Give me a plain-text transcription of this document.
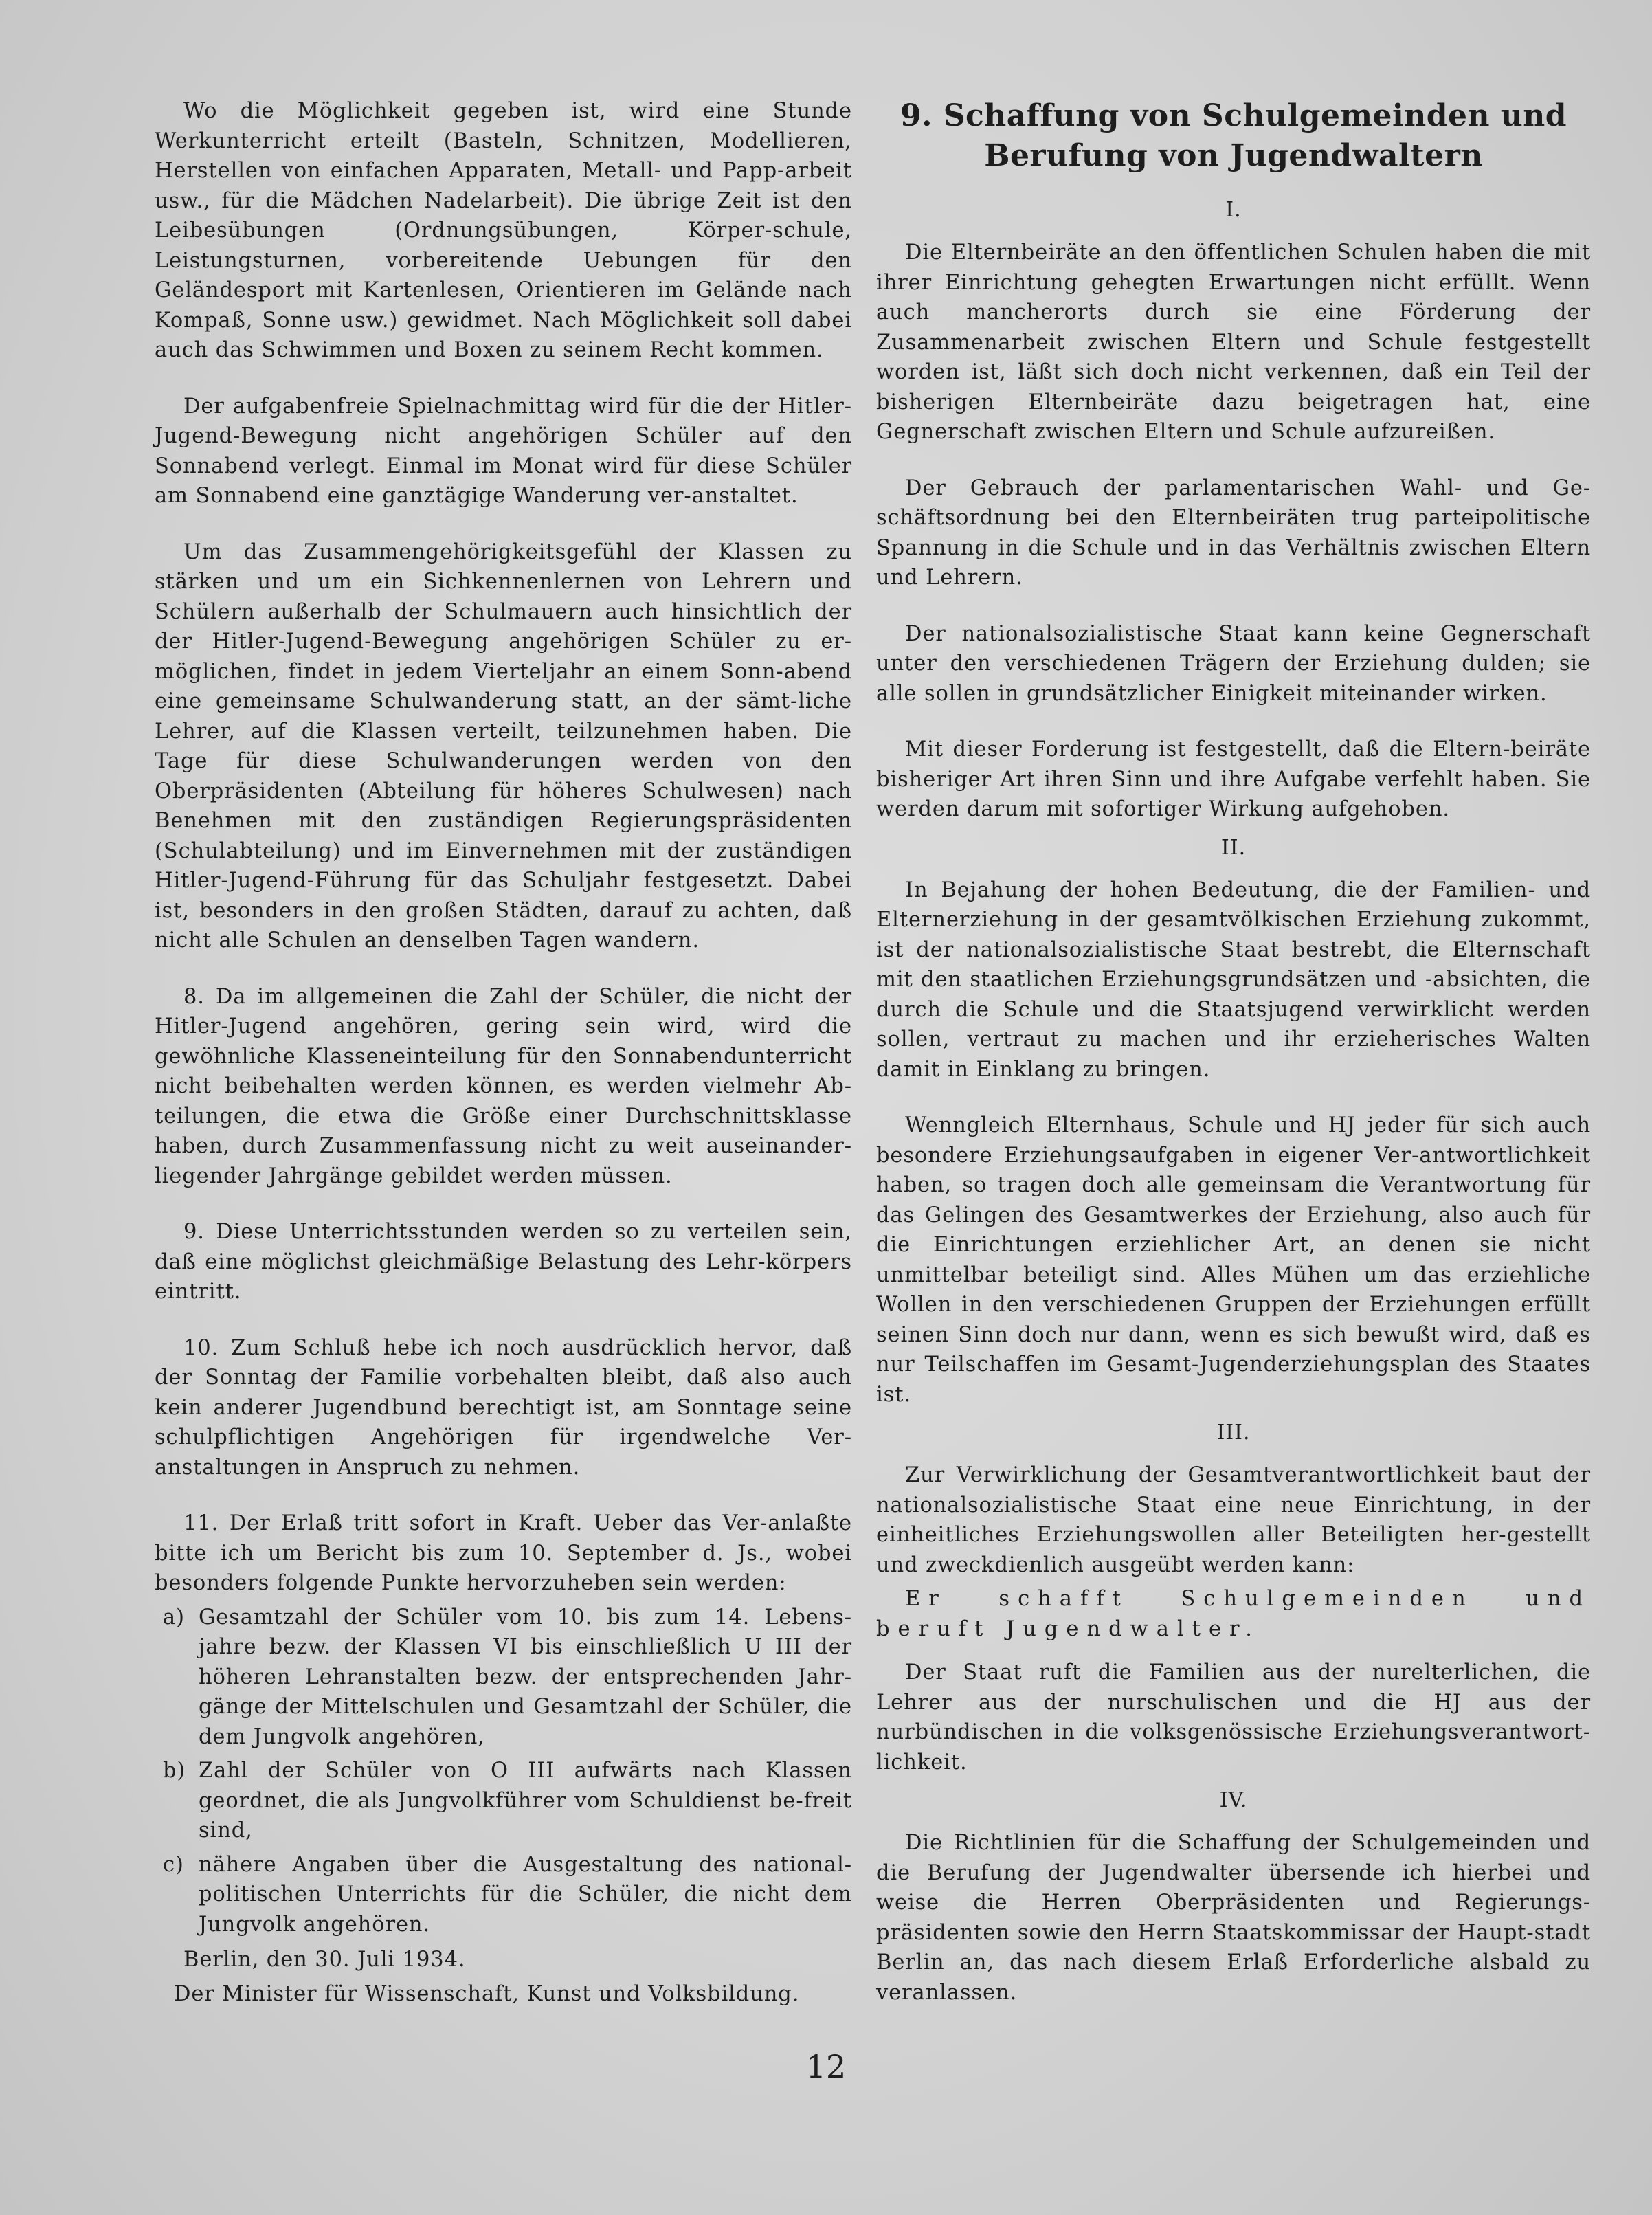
Wo die Möglichkeit gegeben ist, wird eine Stunde Werkunterricht erteilt (Basteln, Schnitzen, Modellieren, Herstellen von einfachen Apparaten, Metall- und Papp-arbeit usw., für die Mädchen Nadelarbeit). Die übrige Zeit ist den Leibesübungen (Ordnungsübungen, Körper-schule, Leistungsturnen, vorbereitende Uebungen für den Geländesport mit Kartenlesen, Orientieren im Gelände nach Kompaß, Sonne usw.) gewidmet. Nach Möglichkeit soll dabei auch das Schwimmen und Boxen zu seinem Recht kommen.

Der aufgabenfreie Spielnachmittag wird für die der Hitler-Jugend-Bewegung nicht angehörigen Schüler auf den Sonnabend verlegt. Einmal im Monat wird für diese Schüler am Sonnabend eine ganztägige Wanderung ver-anstaltet.

Um das Zusammengehörigkeitsgefühl der Klassen zu stärken und um ein Sichkennenlernen von Lehrern und Schülern außerhalb der Schulmauern auch hinsichtlich der der Hitler-Jugend-Bewegung angehörigen Schüler zu er-möglichen, findet in jedem Vierteljahr an einem Sonn-abend eine gemeinsame Schulwanderung statt, an der sämt-liche Lehrer, auf die Klassen verteilt, teilzunehmen haben. Die Tage für diese Schulwanderungen werden von den Oberpräsidenten (Abteilung für höheres Schulwesen) nach Benehmen mit den zuständigen Regierungspräsidenten (Schulabteilung) und im Einvernehmen mit der zuständigen Hitler-Jugend-Führung für das Schuljahr festgesetzt. Dabei ist, besonders in den großen Städten, darauf zu achten, daß nicht alle Schulen an denselben Tagen wandern.

8. Da im allgemeinen die Zahl der Schüler, die nicht der Hitler-Jugend angehören, gering sein wird, wird die gewöhnliche Klasseneinteilung für den Sonnabendunterricht nicht beibehalten werden können, es werden vielmehr Ab-teilungen, die etwa die Größe einer Durchschnittsklasse haben, durch Zusammenfassung nicht zu weit auseinander-liegender Jahrgänge gebildet werden müssen.

9. Diese Unterrichtsstunden werden so zu verteilen sein, daß eine möglichst gleichmäßige Belastung des Lehr-körpers eintritt.

10. Zum Schluß hebe ich noch ausdrücklich hervor, daß der Sonntag der Familie vorbehalten bleibt, daß also auch kein anderer Jugendbund berechtigt ist, am Sonntage seine schulpflichtigen Angehörigen für irgendwelche Ver-anstaltungen in Anspruch zu nehmen.

11. Der Erlaß tritt sofort in Kraft. Ueber das Ver-anlaßte bitte ich um Bericht bis zum 10. September d. Js., wobei besonders folgende Punkte hervorzuheben sein werden:

a) Gesamtzahl der Schüler vom 10. bis zum 14. Lebens-jahre bezw. der Klassen VI bis einschließlich U III der höheren Lehranstalten bezw. der entsprechenden Jahr-gänge der Mittelschulen und Gesamtzahl der Schüler, die dem Jungvolk angehören,
b) Zahl der Schüler von O III aufwärts nach Klassen geordnet, die als Jungvolkführer vom Schuldienst be-freit sind,
c) nähere Angaben über die Ausgestaltung des national-politischen Unterrichts für die Schüler, die nicht dem Jungvolk angehören.

Berlin, den 30. Juli 1934.

Der Minister für Wissenschaft, Kunst und Volksbildung.

9. Schaffung von Schulgemeinden und Berufung von Jugendwaltern
I.

Die Elternbeiräte an den öffentlichen Schulen haben die mit ihrer Einrichtung gehegten Erwartungen nicht erfüllt. Wenn auch mancherorts durch sie eine Förderung der Zusammenarbeit zwischen Eltern und Schule festgestellt worden ist, läßt sich doch nicht verkennen, daß ein Teil der bisherigen Elternbeiräte dazu beigetragen hat, eine Gegnerschaft zwischen Eltern und Schule aufzureißen.

Der Gebrauch der parlamentarischen Wahl- und Ge-schäftsordnung bei den Elternbeiräten trug parteipolitische Spannung in die Schule und in das Verhältnis zwischen Eltern und Lehrern.

Der nationalsozialistische Staat kann keine Gegnerschaft unter den verschiedenen Trägern der Erziehung dulden; sie alle sollen in grundsätzlicher Einigkeit miteinander wirken.

Mit dieser Forderung ist festgestellt, daß die Eltern-beiräte bisheriger Art ihren Sinn und ihre Aufgabe verfehlt haben. Sie werden darum mit sofortiger Wirkung aufgehoben.

II.

In Bejahung der hohen Bedeutung, die der Familien- und Elternerziehung in der gesamtvölkischen Erziehung zukommt, ist der nationalsozialistische Staat bestrebt, die Elternschaft mit den staatlichen Erziehungsgrundsätzen und -absichten, die durch die Schule und die Staatsjugend verwirklicht werden sollen, vertraut zu machen und ihr erzieherisches Walten damit in Einklang zu bringen.

Wenngleich Elternhaus, Schule und HJ jeder für sich auch besondere Erziehungsaufgaben in eigener Ver-antwortlichkeit haben, so tragen doch alle gemeinsam die Verantwortung für das Gelingen des Gesamtwerkes der Erziehung, also auch für die Einrichtungen erziehlicher Art, an denen sie nicht unmittelbar beteiligt sind. Alles Mühen um das erziehliche Wollen in den verschiedenen Gruppen der Erziehungen erfüllt seinen Sinn doch nur dann, wenn es sich bewußt wird, daß es nur Teilschaffen im Gesamt-Jugenderziehungsplan des Staates ist.

III.

Zur Verwirklichung der Gesamtverantwortlichkeit baut der nationalsozialistische Staat eine neue Einrichtung, in der einheitliches Erziehungswollen aller Beteiligten her-gestellt und zweckdienlich ausgeübt werden kann:

Er schafft Schulgemeinden und beruft Jugendwalter.

Der Staat ruft die Familien aus der nurelterlichen, die Lehrer aus der nurschulischen und die HJ aus der nurbündischen in die volksgenössische Erziehungsverantwort-lichkeit.

IV.

Die Richtlinien für die Schaffung der Schulgemeinden und die Berufung der Jugendwalter übersende ich hierbei und weise die Herren Oberpräsidenten und Regierungs-präsidenten sowie den Herrn Staatskommissar der Haupt-stadt Berlin an, das nach diesem Erlaß Erforderliche alsbald zu veranlassen.

12
